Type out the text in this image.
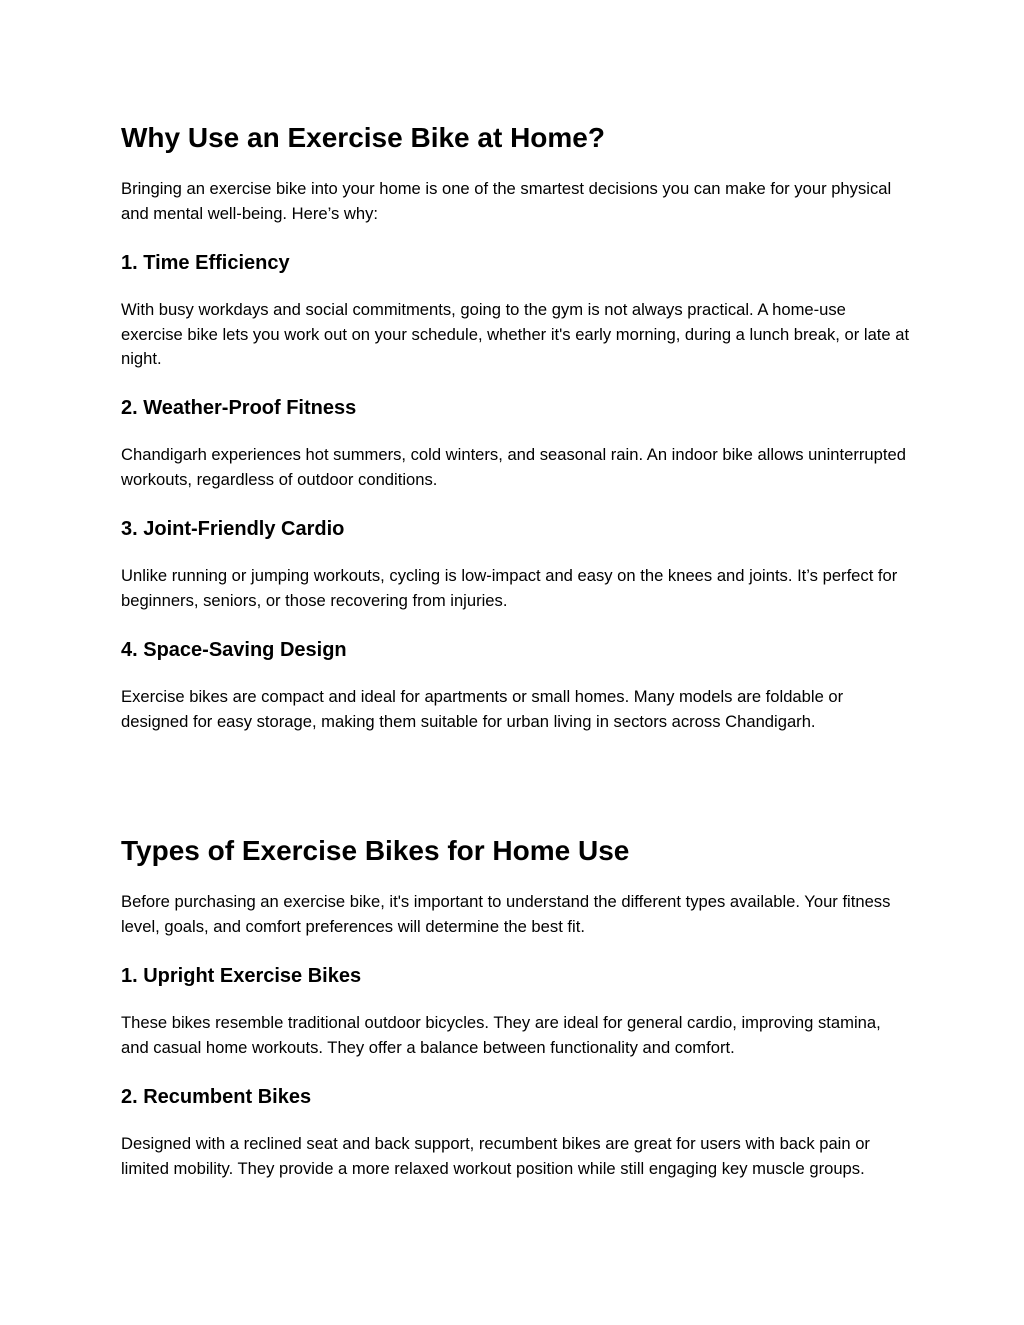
Why Use an Exercise Bike at Home?

Bringing an exercise bike into your home is one of the smartest decisions you can make for your physical and mental well-being. Here’s why:

1. Time Efficiency

With busy workdays and social commitments, going to the gym is not always practical. A home-use exercise bike lets you work out on your schedule, whether it's early morning, during a lunch break, or late at night.

2. Weather-Proof Fitness

Chandigarh experiences hot summers, cold winters, and seasonal rain. An indoor bike allows uninterrupted workouts, regardless of outdoor conditions.

3. Joint-Friendly Cardio

Unlike running or jumping workouts, cycling is low-impact and easy on the knees and joints. It’s perfect for beginners, seniors, or those recovering from injuries.

4. Space-Saving Design

Exercise bikes are compact and ideal for apartments or small homes. Many models are foldable or designed for easy storage, making them suitable for urban living in sectors across Chandigarh.

Types of Exercise Bikes for Home Use

Before purchasing an exercise bike, it's important to understand the different types available. Your fitness level, goals, and comfort preferences will determine the best fit.

1. Upright Exercise Bikes

These bikes resemble traditional outdoor bicycles. They are ideal for general cardio, improving stamina, and casual home workouts. They offer a balance between functionality and comfort.

2. Recumbent Bikes

Designed with a reclined seat and back support, recumbent bikes are great for users with back pain or limited mobility. They provide a more relaxed workout position while still engaging key muscle groups.
